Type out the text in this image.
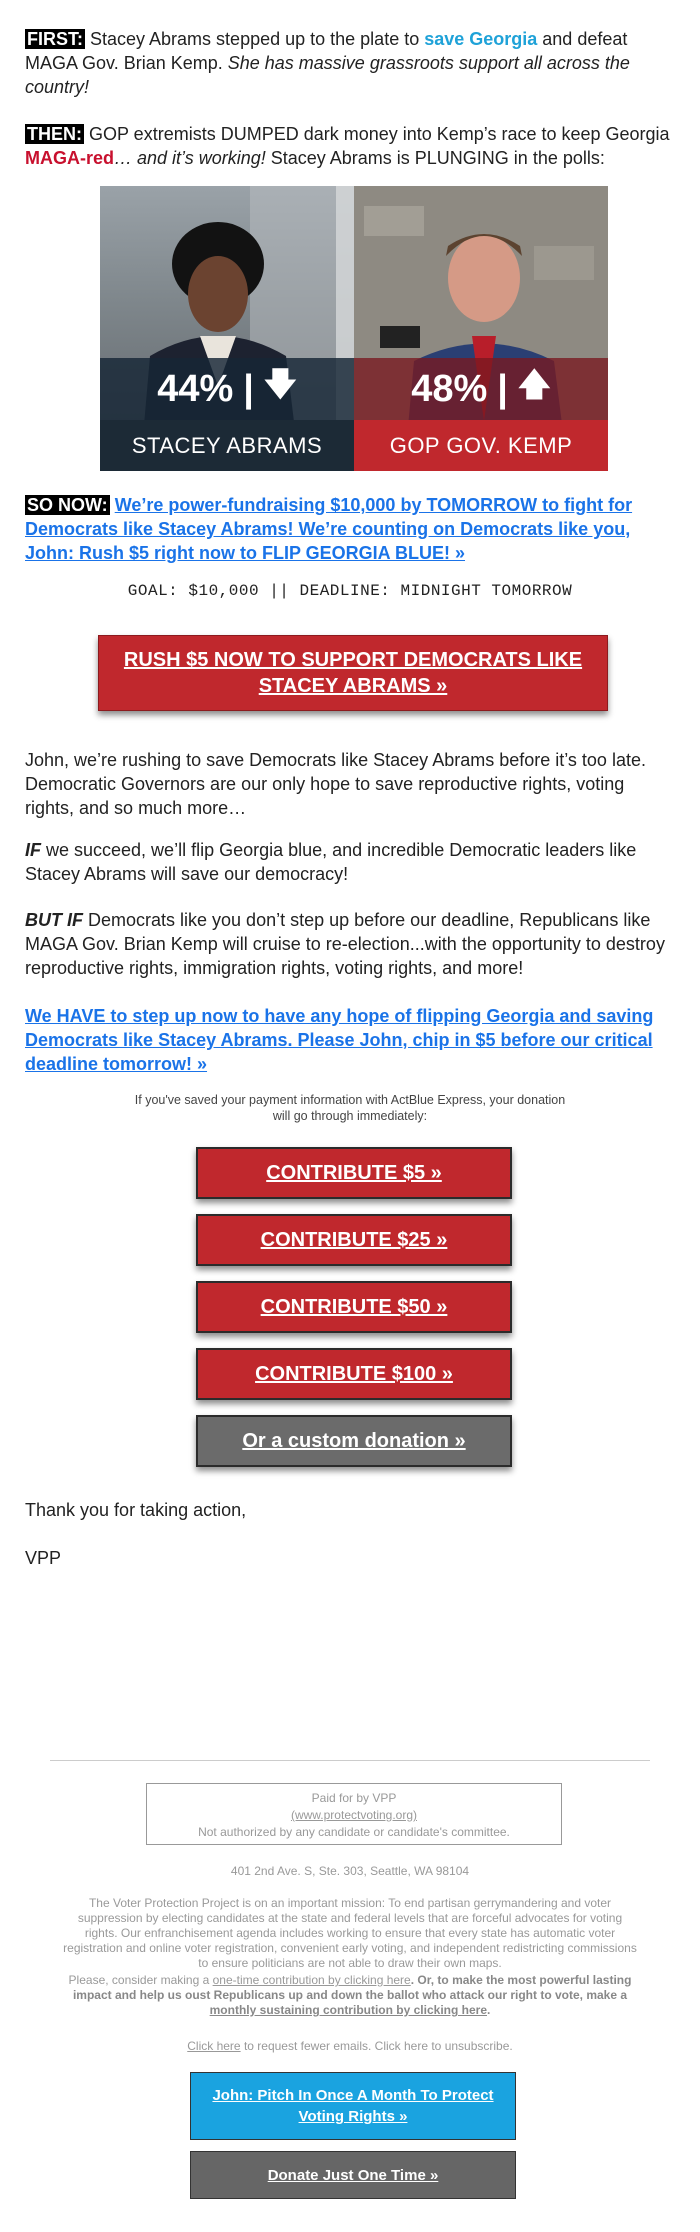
FIRST: Stacey Abrams stepped up to the plate to save Georgia and defeat MAGA Gov. Brian Kemp. She has massive grassroots support all across the country!

THEN: GOP extremists DUMPED dark money into Kemp’s race to keep Georgia MAGA-red… and it’s working! Stacey Abrams is PLUNGING in the polls:

44% | 🡇
STACEY ABRAMS
48% | 🡅
GOP GOV. KEMP

SO NOW: We’re power-fundraising $10,000 by TOMORROW to fight for Democrats like Stacey Abrams! We’re counting on Democrats like you, John: Rush $5 right now to FLIP GEORGIA BLUE! »

GOAL: $10,000 || DEADLINE: MIDNIGHT TOMORROW
RUSH $5 NOW TO SUPPORT DEMOCRATS LIKE STACEY ABRAMS »

John, we’re rushing to save Democrats like Stacey Abrams before it’s too late. Democratic Governors are our only hope to save reproductive rights, voting rights, and so much more…

IF we succeed, we’ll flip Georgia blue, and incredible Democratic leaders like Stacey Abrams will save our democracy!

BUT IF Democrats like you don’t step up before our deadline, Republicans like MAGA Gov. Brian Kemp will cruise to re-election...with the opportunity to destroy reproductive rights, immigration rights, voting rights, and more!

We HAVE to step up now to have any hope of flipping Georgia and saving Democrats like Stacey Abrams. Please John, chip in $5 before our critical deadline tomorrow! »

If you've saved your payment information with ActBlue Express, your donation
will go through immediately:
CONTRIBUTE $5 »
CONTRIBUTE $25 »
CONTRIBUTE $50 »
CONTRIBUTE $100 »
Or a custom donation »
Thank you for taking action,
VPP
Paid for by VPP
(www.protectvoting.org)
Not authorized by any candidate or candidate's committee.
401 2nd Ave. S, Ste. 303, Seattle, WA 98104
The Voter Protection Project is on an important mission: To end partisan gerrymandering and voter suppression by electing candidates at the state and federal levels that are forceful advocates for voting rights. Our enfranchisement agenda includes working to ensure that every state has automatic voter registration and online voter registration, convenient early voting, and independent redistricting commissions to ensure politicians are not able to draw their own maps.
Please, consider making a one-time contribution by clicking here. Or, to make the most powerful lasting impact and help us oust Republicans up and down the ballot who attack our right to vote, make a monthly sustaining contribution by clicking here.
Click here to request fewer emails. Click here to unsubscribe.
John: Pitch In Once A Month To Protect Voting Rights »
Donate Just One Time »
